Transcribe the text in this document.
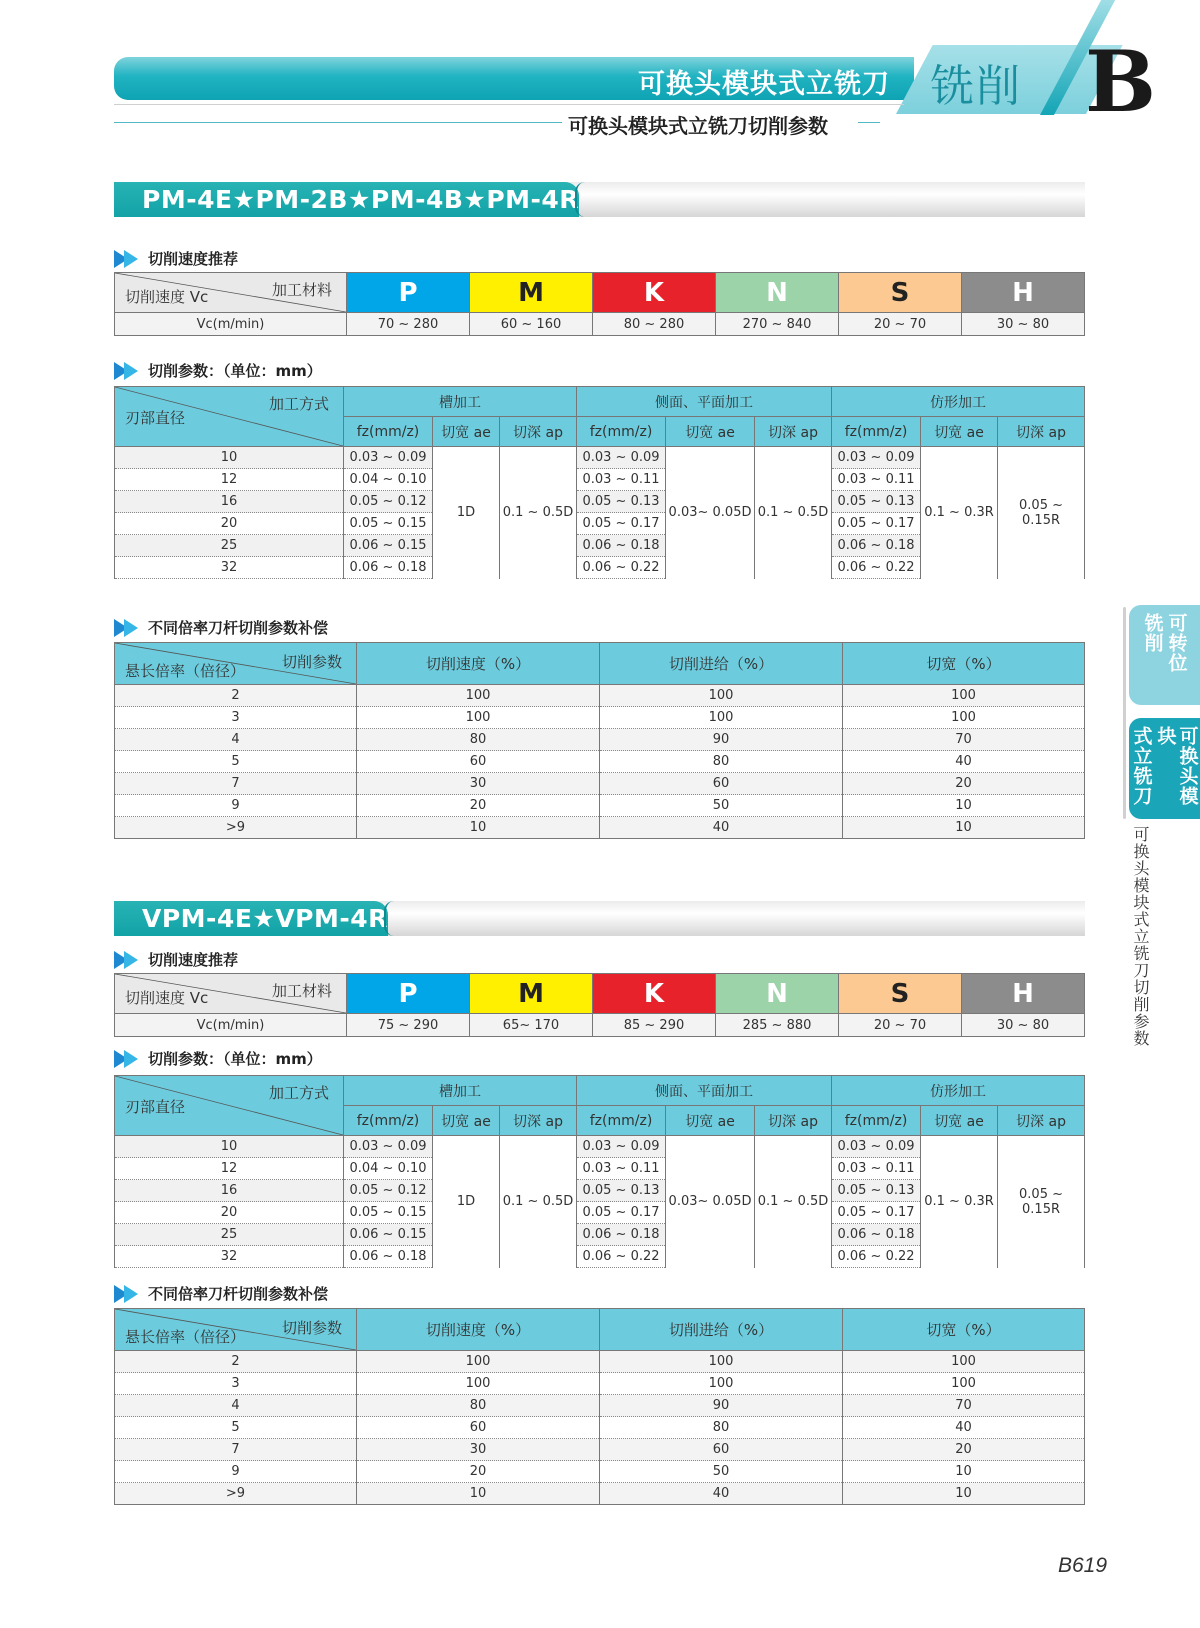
可换头模块式立铣刀 铣削 B
可换头模块式立铣刀切削参数
PM-4E★PM-2B★PM-4B★PM-4R
切削速度推荐
加工材料
切削速度 Vc	P	M	K	N	S	H
Vc(m/min)	70 ~ 280	60 ~ 160	80 ~ 280	270 ~ 840	20 ~ 70	30 ~ 80
切削参数：（单位：mm）
加工方式
刃部直径	槽加工			侧面、平面加工			仿形加工		
	fz(mm/z)	切宽 ae	切深 ap	fz(mm/z)	切宽 ae	切深 ap	fz(mm/z)	切宽 ae	切深 ap
10	0.03 ~ 0.09	1D	0.1 ~ 0.5D	0.03 ~ 0.09	0.03~ 0.05D	0.1 ~ 0.5D	0.03 ~ 0.09	0.1 ~ 0.3R	0.05 ~ 0.15R
12	0.04 ~ 0.10			0.03 ~ 0.11			0.03 ~ 0.11		
16	0.05 ~ 0.12			0.05 ~ 0.13			0.05 ~ 0.13		
20	0.05 ~ 0.15			0.05 ~ 0.17			0.05 ~ 0.17		
25	0.06 ~ 0.15			0.06 ~ 0.18			0.06 ~ 0.18		
32	0.06 ~ 0.18			0.06 ~ 0.22			0.06 ~ 0.22		
不同倍率刀杆切削参数补偿
切削参数
悬长倍率（倍径）	切削速度（%）	切削进给（%）	切宽（%）
2	100	100	100
3	100	100	100
4	80	90	70
5	60	80	40
7	30	60	20
9	20	50	10
>9	10	40	10
VPM-4E★VPM-4R
切削速度推荐
加工材料
切削速度 Vc	P	M	K	N	S	H
Vc(m/min)	75 ~ 290	65~ 170	85 ~ 290	285 ~ 880	20 ~ 70	30 ~ 80
切削参数：（单位：mm）
加工方式
刃部直径	槽加工			侧面、平面加工			仿形加工		
	fz(mm/z)	切宽 ae	切深 ap	fz(mm/z)	切宽 ae	切深 ap	fz(mm/z)	切宽 ae	切深 ap
10	0.03 ~ 0.09	1D	0.1 ~ 0.5D	0.03 ~ 0.09	0.03~ 0.05D	0.1 ~ 0.5D	0.03 ~ 0.09	0.1 ~ 0.3R	0.05 ~ 0.15R
12	0.04 ~ 0.10			0.03 ~ 0.11			0.03 ~ 0.11		
16	0.05 ~ 0.12			0.05 ~ 0.13			0.05 ~ 0.13		
20	0.05 ~ 0.15			0.05 ~ 0.17			0.05 ~ 0.17		
25	0.06 ~ 0.15			0.06 ~ 0.18			0.06 ~ 0.18		
32	0.06 ~ 0.18			0.06 ~ 0.22			0.06 ~ 0.22		
不同倍率刀杆切削参数补偿
切削参数
悬长倍率（倍径）	切削速度（%）	切削进给（%）	切宽（%）
2	100	100	100
3	100	100	100
4	80	90	70
5	60	80	40
7	30	60	20
9	20	50	10
>9	10	40	10
可转位
铣削
可换头模块
式立铣刀
可换头模块式立铣刀切削参数
B619
